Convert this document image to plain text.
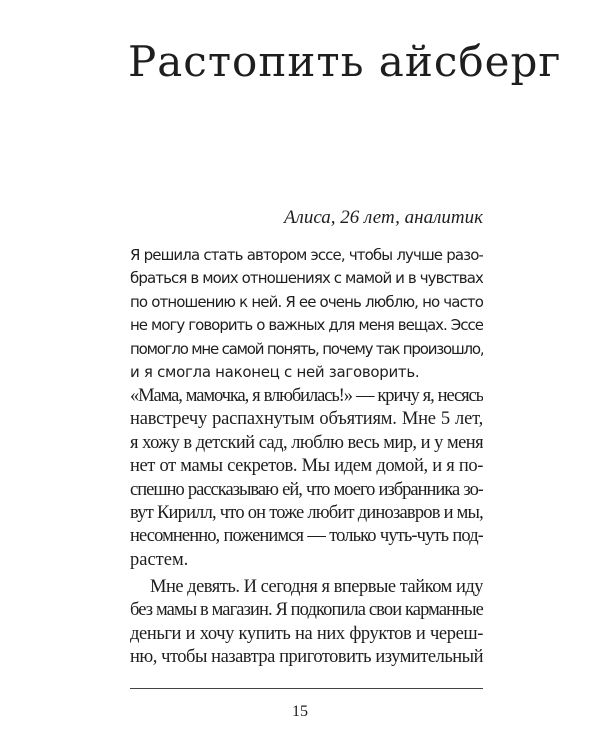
Растопить айсберг
Алиса, 26 лет, аналитик
Я решила стать автором эссе, чтобы лучше разо-
браться в моих отношениях с мамой и в чувствах
по отношению к ней. Я ее очень люблю, но часто
не могу говорить о важных для меня вещах. Эссе
помогло мне самой понять, почему так произошло,
и я смогла наконец с ней заговорить.
«Мама, мамочка, я влюбилась!» — кричу я, несясь
навстречу распахнутым объятиям. Мне 5 лет,
я хожу в детский сад, люблю весь мир, и у меня
нет от мамы секретов. Мы идем домой, и я по-
спешно рассказываю ей, что моего избранника зо-
вут Кирилл, что он тоже любит динозавров и мы,
несомненно, поженимся — только чуть-чуть под-
растем.
Мне девять. И сегодня я впервые тайком иду
без мамы в магазин. Я подкопила свои карманные
деньги и хочу купить на них фруктов и череш-
ню, чтобы назавтра приготовить изумительный
15
